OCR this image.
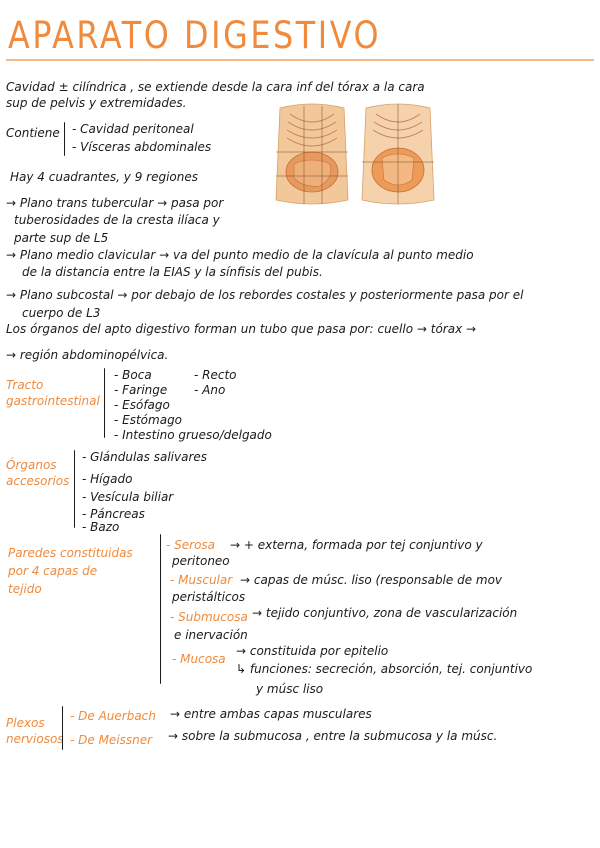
APARATO DIGESTIVO
Cavidad ± cilíndrica , se extiende desde la cara inf del tórax a la cara
sup de pelvis y extremidades.
Contiene - Cavidad peritoneal
- Vísceras abdominales
Hay 4 cuadrantes, y 9 regiones
→ Plano trans tubercular → pasa por
tuberosidades de la cresta ilíaca y
parte sup de L5
→ Plano medio clavicular → va del punto medio de la clavícula al punto medio
de la distancia entre la EIAS y la sínfisis del pubis.
→ Plano subcostal → por debajo de los rebordes costales y posteriormente pasa por el
cuerpo de L3
Los órganos del apto digestivo forman un tubo que pasa por: cuello → tórax →
→ región abdominopélvica.
Tracto
gastrointestinal
- Boca
- Faringe
- Esófago
- Estómago
- Intestino grueso/delgado
- Recto
- Ano
Órganos
accesorios
- Glándulas salivares
- Hígado
- Vesícula biliar
- Páncreas
- Bazo
Paredes constituidas
por 4 capas de
tejido
- Serosa → + externa, formada por tej conjuntivo y
peritoneo
- Muscular → capas de músc. liso (responsable de mov
peristálticos
- Submucosa → tejido conjuntivo, zona de vascularización
e inervación
- Mucosa
→ constituida por epitelio
↳ funciones: secreción, absorción, tej. conjuntivo
y músc liso
Plexos
nerviosos
- De Auerbach → entre ambas capas musculares
- De Meissner → sobre la submucosa , entre la submucosa y la músc.
